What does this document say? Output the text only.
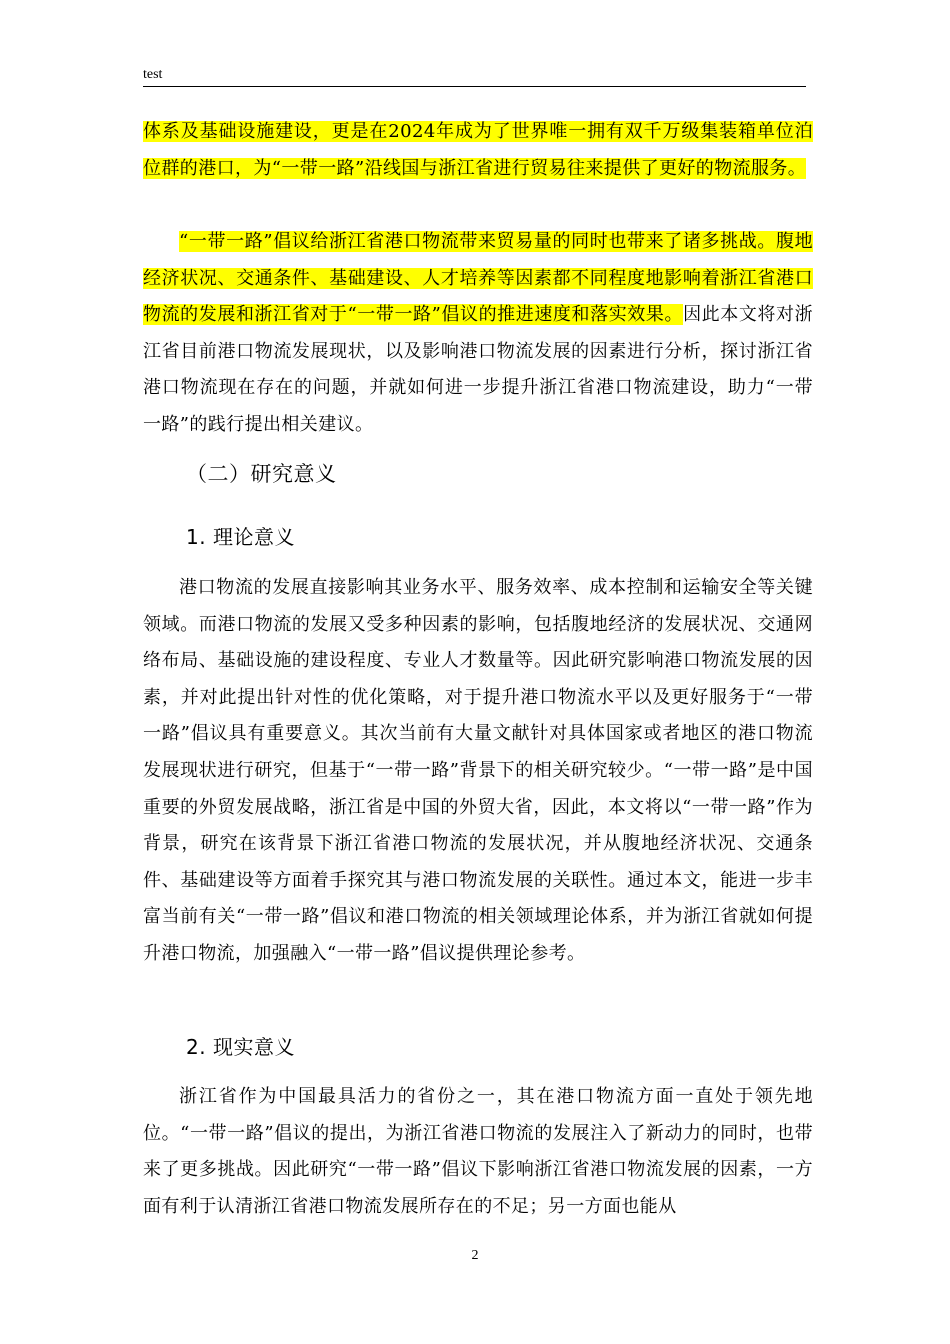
test

体系及基础设施建设，更是在2024年成为了世界唯一拥有双千万级集装箱单位泊位群的港口，为“一带一路”沿线国与浙江省进行贸易往来提供了更好的物流服务。

“一带一路”倡议给浙江省港口物流带来贸易量的同时也带来了诸多挑战。腹地经济状况、交通条件、基础建设、人才培养等因素都不同程度地影响着浙江省港口物流的发展和浙江省对于“一带一路”倡议的推进速度和落实效果。因此本文将对浙江省目前港口物流发展现状，以及影响港口物流发展的因素进行分析，探讨浙江省港口物流现在存在的问题，并就如何进一步提升浙江省港口物流建设，助力“一带一路”的践行提出相关建议。

（二）研究意义
1. 理论意义

港口物流的发展直接影响其业务水平、服务效率、成本控制和运输安全等关键领域。而港口物流的发展又受多种因素的影响，包括腹地经济的发展状况、交通网络布局、基础设施的建设程度、专业人才数量等。因此研究影响港口物流发展的因素，并对此提出针对性的优化策略，对于提升港口物流水平以及更好服务于“一带一路”倡议具有重要意义。其次当前有大量文献针对具体国家或者地区的港口物流发展现状进行研究，但基于“一带一路”背景下的相关研究较少。“一带一路”是中国重要的外贸发展战略，浙江省是中国的外贸大省，因此，本文将以“一带一路”作为背景，研究在该背景下浙江省港口物流的发展状况，并从腹地经济状况、交通条件、基础建设等方面着手探究其与港口物流发展的关联性。通过本文，能进一步丰富当前有关“一带一路”倡议和港口物流的相关领域理论体系，并为浙江省就如何提升港口物流，加强融入“一带一路”倡议提供理论参考。

2. 现实意义

浙江省作为中国最具活力的省份之一，其在港口物流方面一直处于领先地位。“一带一路”倡议的提出，为浙江省港口物流的发展注入了新动力的同时，也带来了更多挑战。因此研究“一带一路”倡议下影响浙江省港口物流发展的因素，一方面有利于认清浙江省港口物流发展所存在的不足；另一方面也能从

2
